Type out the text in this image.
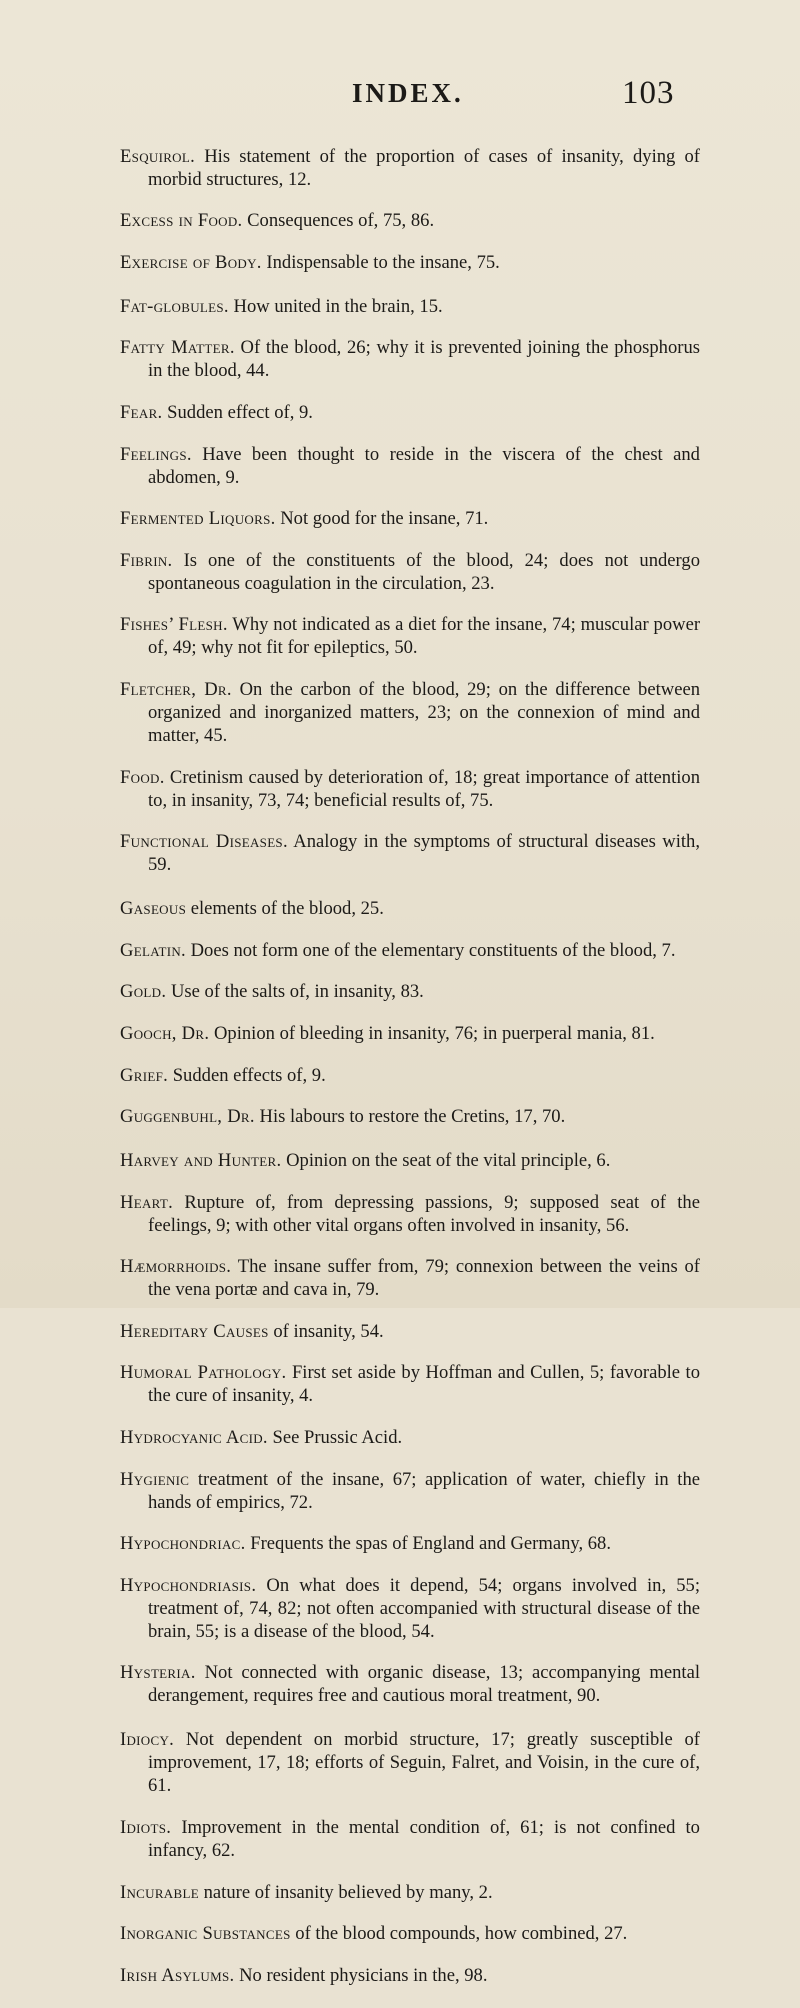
INDEX.	103

Esquirol. His statement of the proportion of cases of insanity, dying of morbid structures, 12.

Excess in Food. Consequences of, 75, 86.

Exercise of Body. Indispensable to the insane, 75.

Fat-globules. How united in the brain, 15.

Fatty Matter. Of the blood, 26; why it is prevented joining the phosphorus in the blood, 44.

Fear. Sudden effect of, 9.

Feelings. Have been thought to reside in the viscera of the chest and abdomen, 9.

Fermented Liquors. Not good for the insane, 71.

Fibrin. Is one of the constituents of the blood, 24; does not undergo spontaneous coagulation in the circulation, 23.

Fishes’ Flesh. Why not indicated as a diet for the insane, 74; muscular power of, 49; why not fit for epileptics, 50.

Fletcher, Dr. On the carbon of the blood, 29; on the difference between organized and inorganized matters, 23; on the connexion of mind and matter, 45.

Food. Cretinism caused by deterioration of, 18; great importance of attention to, in insanity, 73, 74; beneficial results of, 75.

Functional Diseases. Analogy in the symptoms of structural diseases with, 59.

Gaseous elements of the blood, 25.

Gelatin. Does not form one of the elementary constituents of the blood, 7.

Gold. Use of the salts of, in insanity, 83.

Gooch, Dr. Opinion of bleeding in insanity, 76; in puerperal mania, 81.

Grief. Sudden effects of, 9.

Guggenbuhl, Dr. His labours to restore the Cretins, 17, 70.

Harvey and Hunter. Opinion on the seat of the vital principle, 6.

Heart. Rupture of, from depressing passions, 9; supposed seat of the feelings, 9; with other vital organs often involved in insanity, 56.

Hæmorrhoids. The insane suffer from, 79; connexion between the veins of the vena portæ and cava in, 79.

Hereditary Causes of insanity, 54.

Humoral Pathology. First set aside by Hoffman and Cullen, 5; favorable to the cure of insanity, 4.

Hydrocyanic Acid. See Prussic Acid.

Hygienic treatment of the insane, 67; application of water, chiefly in the hands of empirics, 72.

Hypochondriac. Frequents the spas of England and Germany, 68.

Hypochondriasis. On what does it depend, 54; organs involved in, 55; treatment of, 74, 82; not often accompanied with structural disease of the brain, 55; is a disease of the blood, 54.

Hysteria. Not connected with organic disease, 13; accompanying mental derangement, requires free and cautious moral treatment, 90.

Idiocy. Not dependent on morbid structure, 17; greatly susceptible of improvement, 17, 18; efforts of Seguin, Falret, and Voisin, in the cure of, 61.

Idiots. Improvement in the mental condition of, 61; is not confined to infancy, 62.

Incurable nature of insanity believed by many, 2.

Inorganic Substances of the blood compounds, how combined, 27.

Irish Asylums. No resident physicians in the, 98.
